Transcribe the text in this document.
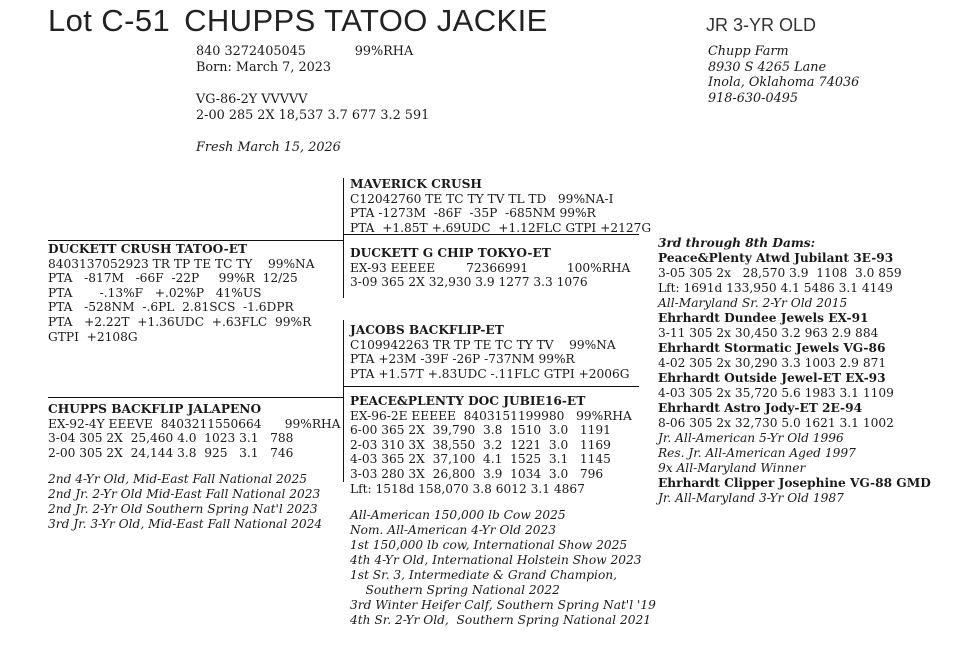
Lot C-51 CHUPPS TATOO JACKIE	JR 3-YR OLD
840 3272405045            99%RHA
Born: March 7, 2023
VG-86-2Y VVVVV
2-00 285 2X 18,537 3.7 677 3.2 591
Fresh March 15, 2026
Chupp Farm
8930 S 4265 Lane
Inola, Oklahoma 74036
918-630-0495
DUCKETT CRUSH TATOO-ET
8403137052923 TR TP TE TC TY    99%NA
PTA   -817M   -66F  -22P     99%R  12/25
PTA       -.13%F   +.02%P   41%US
PTA   -528NM  -.6PL  2.81SCS  -1.6DPR
PTA   +2.22T  +1.36UDC  +.63FLC  99%R
GTPI  +2108G
CHUPPS BACKFLIP JALAPENO
EX-92-4Y EEEVE  8403211550664      99%RHA
3-04 305 2X  25,460 4.0  1023 3.1   788
2-00 305 2X  24,144 3.8  925   3.1   746
2nd 4-Yr Old, Mid-East Fall National 2025
2nd Jr. 2-Yr Old Mid-East Fall National 2023
2nd Jr. 2-Yr Old Southern Spring Nat'l 2023
3rd Jr. 3-Yr Old, Mid-East Fall National 2024
MAVERICK CRUSH
C12042760 TE TC TY TV TL TD   99%NA-I
PTA -1273M  -86F  -35P  -685NM 99%R
PTA  +1.85T +.69UDC  +1.12FLC GTPI +2127G
DUCKETT G CHIP TOKYO-ET
EX-93 EEEEE        72366991          100%RHA
3-09 365 2X 32,930 3.9 1277 3.3 1076
JACOBS BACKFLIP-ET
C109942263 TR TP TE TC TY TV    99%NA
PTA +23M -39F -26P -737NM 99%R
PTA +1.57T +.83UDC -.11FLC GTPI +2006G
PEACE&PLENTY DOC JUBIE16-ET
EX-96-2E EEEEE  8403151199980   99%RHA
6-00 365 2X  39,790  3.8  1510  3.0   1191
2-03 310 3X  38,550  3.2  1221  3.0   1169
4-03 365 2X  37,100  4.1  1525  3.1   1145
3-03 280 3X  26,800  3.9  1034  3.0   796
Lft: 1518d 158,070 3.8 6012 3.1 4867
All-American 150,000 lb Cow 2025
Nom. All-American 4-Yr Old 2023
1st 150,000 lb cow, International Show 2025
4th 4-Yr Old, International Holstein Show 2023
1st Sr. 3, Intermediate & Grand Champion,
Southern Spring National 2022
3rd Winter Heifer Calf, Southern Spring Nat'l '19
4th Sr. 2-Yr Old,  Southern Spring National 2021
3rd through 8th Dams:
Peace&Plenty Atwd Jubilant 3E-93
3-05 305 2x   28,570 3.9  1108  3.0 859
Lft: 1691d 133,950 4.1 5486 3.1 4149
All-Maryland Sr. 2-Yr Old 2015
Ehrhardt Dundee Jewels EX-91
3-11 305 2x 30,450 3.2 963 2.9 884
Ehrhardt Stormatic Jewels VG-86
4-02 305 2x 30,290 3.3 1003 2.9 871
Ehrhardt Outside Jewel-ET EX-93
4-03 305 2x 35,720 5.6 1983 3.1 1109
Ehrhardt Astro Jody-ET 2E-94
8-06 305 2x 32,730 5.0 1621 3.1 1002
Jr. All-American 5-Yr Old 1996
Res. Jr. All-American Aged 1997
9x All-Maryland Winner
Ehrhardt Clipper Josephine VG-88 GMD
Jr. All-Maryland 3-Yr Old 1987
